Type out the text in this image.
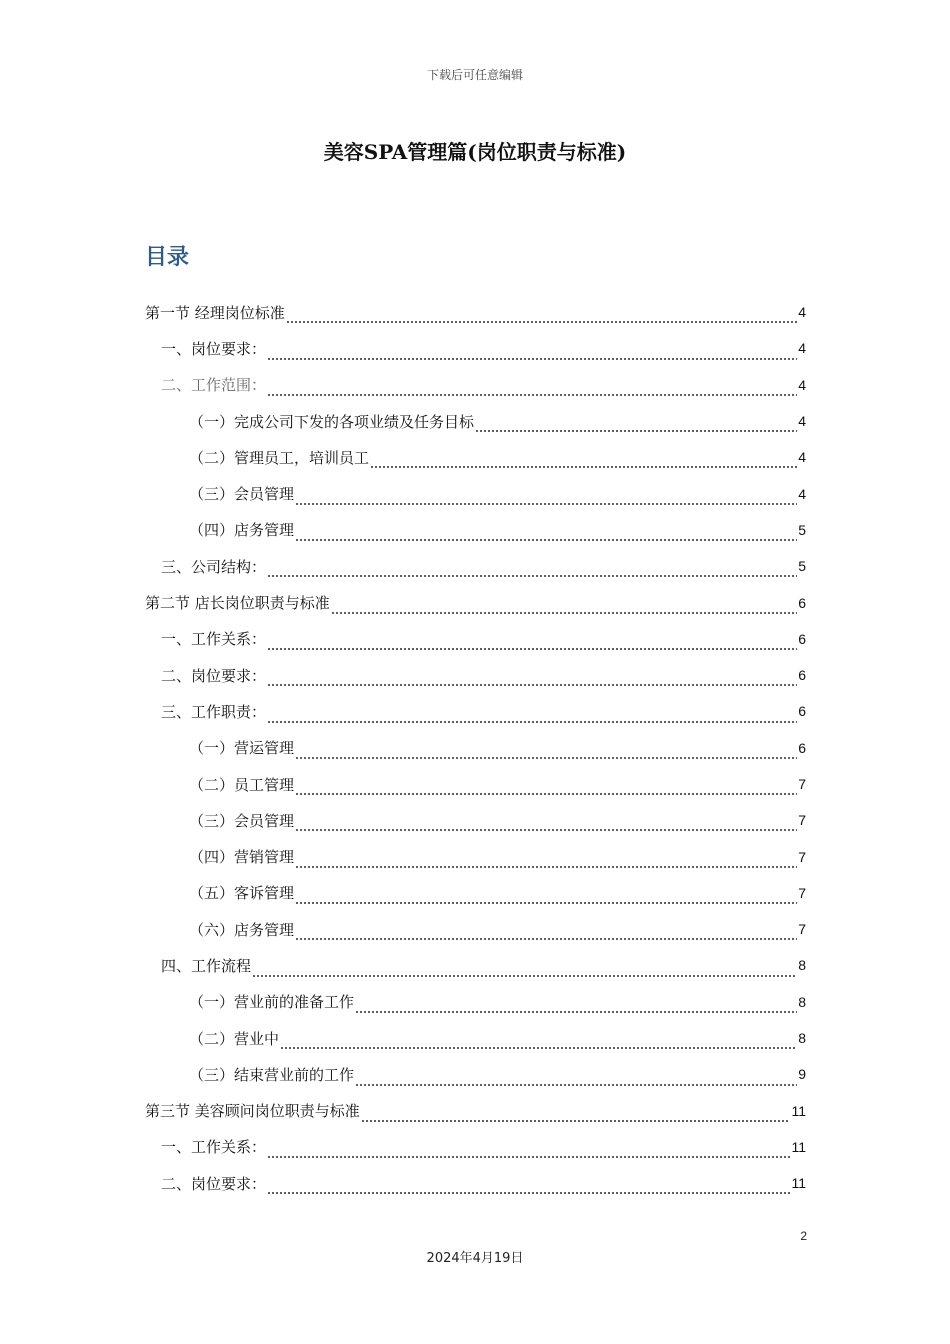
下载后可任意编辑
美容SPA管理篇(岗位职责与标准)
目录
第一节 经理岗位标准	4
一、岗位要求：	4
二、工作范围：	4
（一）完成公司下发的各项业绩及任务目标	4
（二）管理员工，培训员工	4
（三）会员管理	4
（四）店务管理	5
三、公司结构：	5
第二节 店长岗位职责与标准	6
一、工作关系：	6
二、岗位要求：	6
三、工作职责：	6
（一）营运管理	6
（二）员工管理	7
（三）会员管理	7
（四）营销管理	7
（五）客诉管理	7
（六）店务管理	7
四、工作流程	8
（一）营业前的准备工作	8
（二）营业中	8
（三）结束营业前的工作	9
第三节 美容顾问岗位职责与标准	11
一、工作关系：	11
二、岗位要求：	11
2
2024年4月19日
